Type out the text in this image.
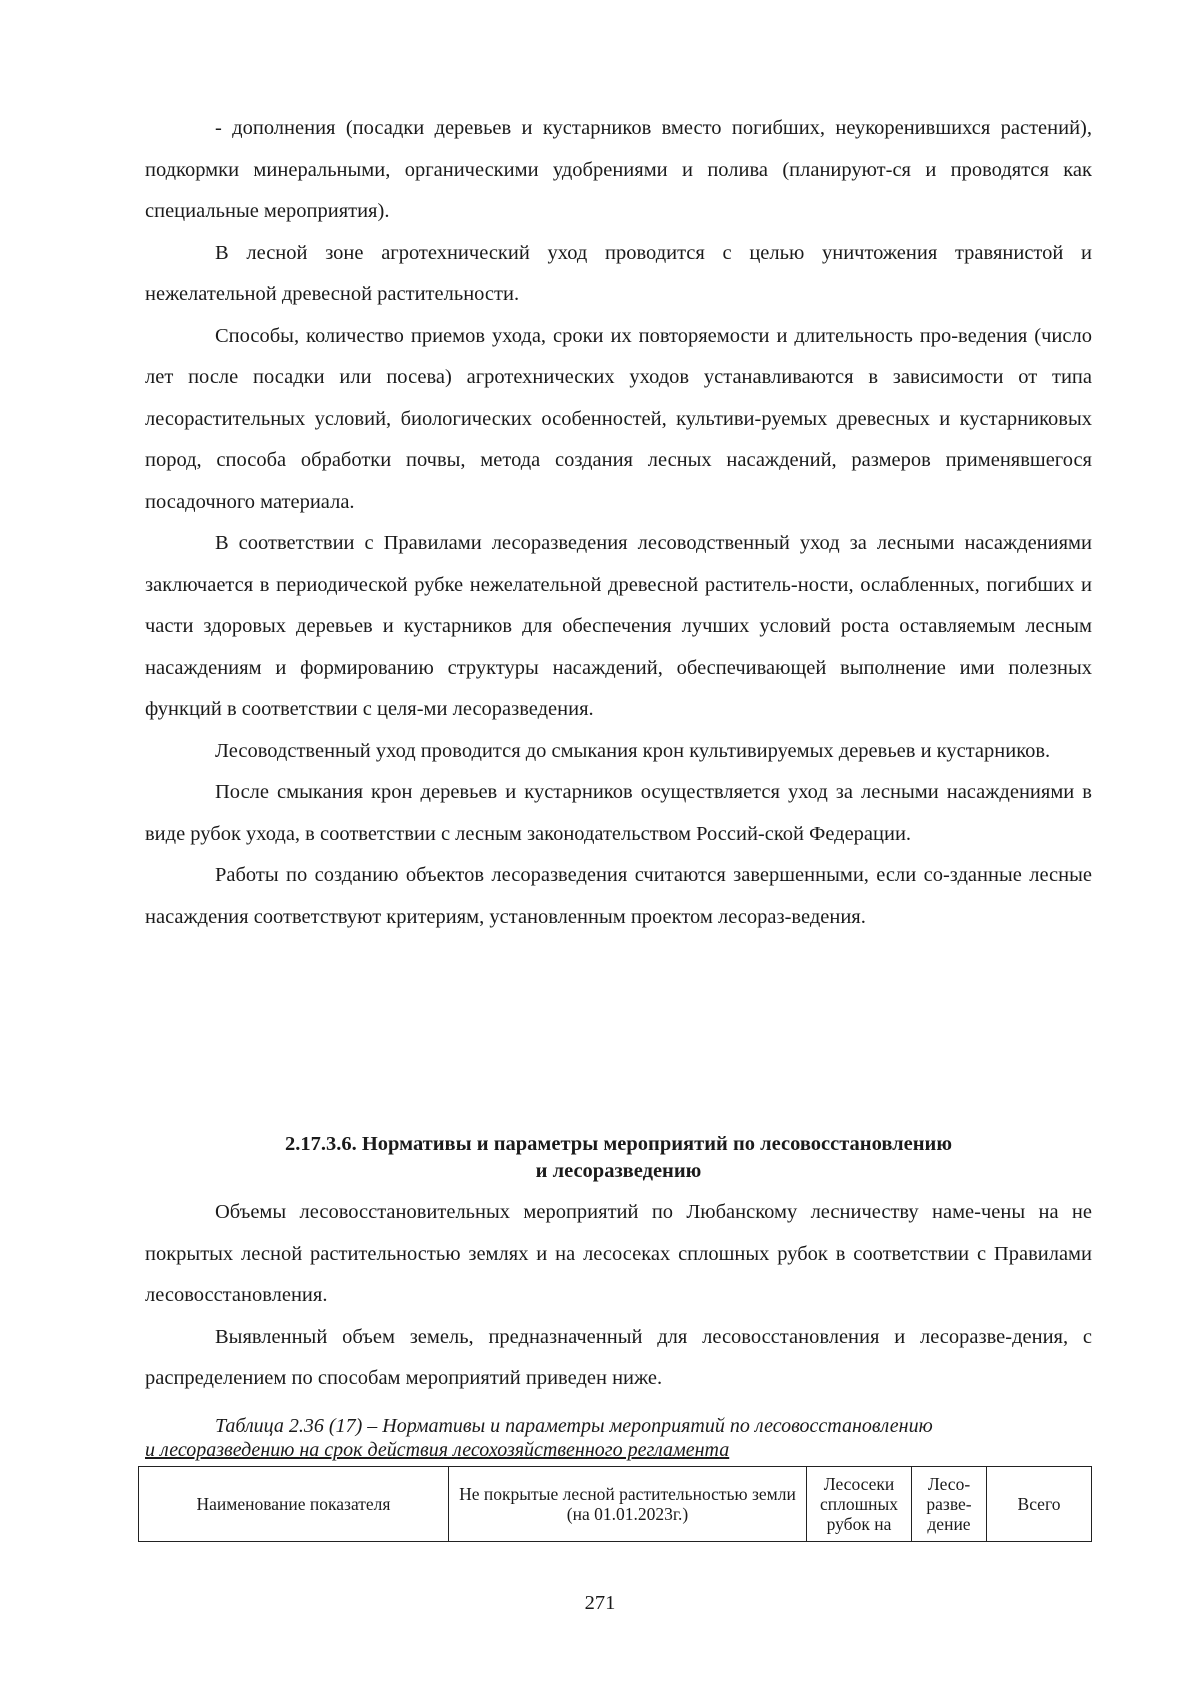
- дополнения (посадки деревьев и кустарников вместо погибших, неукоренившихся растений), подкормки минеральными, органическими удобрениями и полива (планируют-ся и проводятся как специальные мероприятия).

В лесной зоне агротехнический уход проводится с целью уничтожения травянистой и нежелательной древесной растительности.

Способы, количество приемов ухода, сроки их повторяемости и длительность про-ведения (число лет после посадки или посева) агротехнических уходов устанавливаются в зависимости от типа лесорастительных условий, биологических особенностей, культиви-руемых древесных и кустарниковых пород, способа обработки почвы, метода создания лесных насаждений, размеров применявшегося посадочного материала.

В соответствии с Правилами лесоразведения лесоводственный уход за лесными насаждениями заключается в периодической рубке нежелательной древесной раститель-ности, ослабленных, погибших и части здоровых деревьев и кустарников для обеспечения лучших условий роста оставляемым лесным насаждениям и формированию структуры насаждений, обеспечивающей выполнение ими полезных функций в соответствии с целя-ми лесоразведения.

Лесоводственный уход проводится до смыкания крон культивируемых деревьев и кустарников.

После смыкания крон деревьев и кустарников осуществляется уход за лесными насаждениями в виде рубок ухода, в соответствии с лесным законодательством Россий-ской Федерации.

Работы по созданию объектов лесоразведения считаются завершенными, если со-зданные лесные насаждения соответствуют критериям, установленным проектом лесораз-ведения.

2.17.3.6. Нормативы и параметры мероприятий по лесовосстановлению
и лесоразведению

Объемы лесовосстановительных мероприятий по Любанскому лесничеству наме-чены на не покрытых лесной растительностью землях и на лесосеках сплошных рубок в соответствии с Правилами лесовосстановления.

Выявленный объем земель, предназначенный для лесовосстановления и лесоразве-дения, с распределением по способам мероприятий приведен ниже.

Таблица 2.36 (17) – Нормативы и параметры мероприятий по лесовосстановлению
и лесоразведению на срок действия лесохозяйственного регламента
Наименование показателя	Не покрытые лесной растительностью земли (на 01.01.2023г.)	Лесосеки сплошных рубок на	Лесо-разве-дение	Всего
271
